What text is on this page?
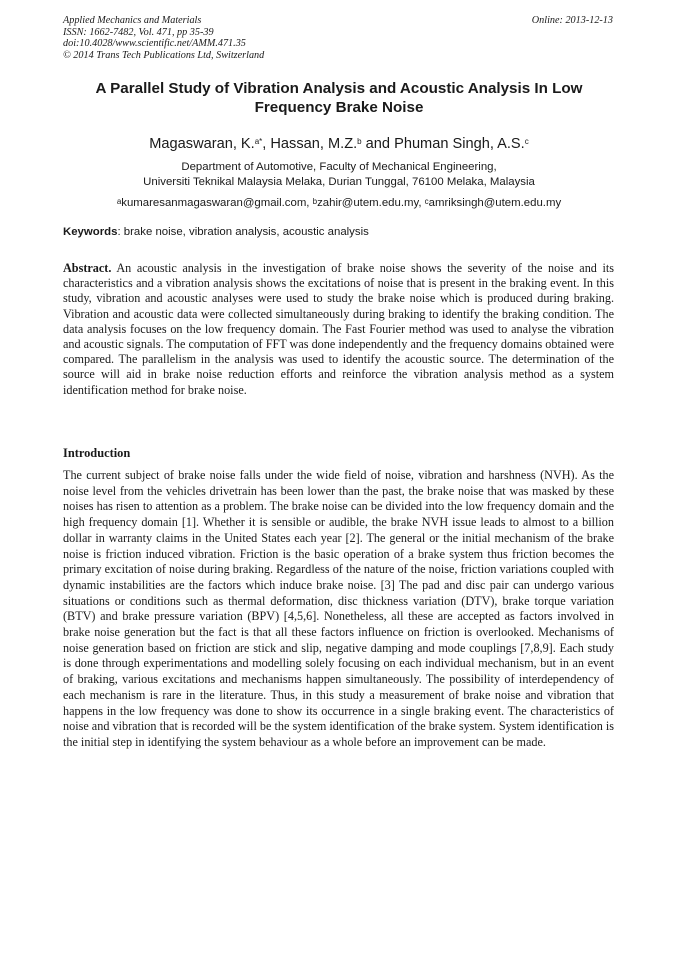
Applied Mechanics and Materials
ISSN: 1662-7482, Vol. 471, pp 35-39
doi:10.4028/www.scientific.net/AMM.471.35
© 2014 Trans Tech Publications Ltd, Switzerland
Online: 2013-12-13
A Parallel Study of Vibration Analysis and Acoustic Analysis In Low Frequency Brake Noise
Magaswaran, K.$^{a*}$, Hassan, M.Z.$^b$ and Phuman Singh, A.S.$^c$
Department of Automotive, Faculty of Mechanical Engineering,
Universiti Teknikal Malaysia Melaka, Durian Tunggal, 76100 Melaka, Malaysia
$^a$kumaresanmagaswaran@gmail.com, $^b$zahir@utem.edu.my, $^c$amriksingh@utem.edu.my
Keywords: brake noise, vibration analysis, acoustic analysis
Abstract. An acoustic analysis in the investigation of brake noise shows the severity of the noise and its characteristics and a vibration analysis shows the excitations of noise that is present in the braking event. In this study, vibration and acoustic analyses were used to study the brake noise which is produced during braking. Vibration and acoustic data were collected simultaneously during braking to identify the braking condition. The data analysis focuses on the low frequency domain. The Fast Fourier method was used to analyse the vibration and acoustic signals. The computation of FFT was done independently and the frequency domains obtained were compared. The parallelism in the analysis was used to identify the acoustic source. The determination of the source will aid in brake noise reduction efforts and reinforce the vibration analysis method as a system identification method for brake noise.
Introduction
The current subject of brake noise falls under the wide field of noise, vibration and harshness (NVH). As the noise level from the vehicles drivetrain has been lower than the past, the brake noise that was masked by these noises has risen to attention as a problem. The brake noise can be divided into the low frequency domain and the high frequency domain [1]. Whether it is sensible or audible, the brake NVH issue leads to almost to a billion dollar in warranty claims in the United States each year [2]. The general or the initial mechanism of the brake noise is friction induced vibration. Friction is the basic operation of a brake system thus friction becomes the primary excitation of noise during braking. Regardless of the nature of the noise, friction variations coupled with dynamic instabilities are the factors which induce brake noise. [3] The pad and disc pair can undergo various situations or conditions such as thermal deformation, disc thickness variation (DTV), brake torque variation (BTV) and brake pressure variation (BPV) [4,5,6]. Nonetheless, all these are accepted as factors involved in brake noise generation but the fact is that all these factors influence on friction is overlooked. Mechanisms of noise generation based on friction are stick and slip, negative damping and mode couplings [7,8,9]. Each study is done through experimentations and modelling solely focusing on each individual mechanism, but in an event of braking, various excitations and mechanisms happen simultaneously. The possibility of interdependency of each mechanism is rare in the literature. Thus, in this study a measurement of brake noise and vibration that happens in the low frequency was done to show its occurrence in a single braking event. The characteristics of noise and vibration that is recorded will be the system identification of the brake system. System identification is the initial step in identifying the system behaviour as a whole before an improvement can be made.
